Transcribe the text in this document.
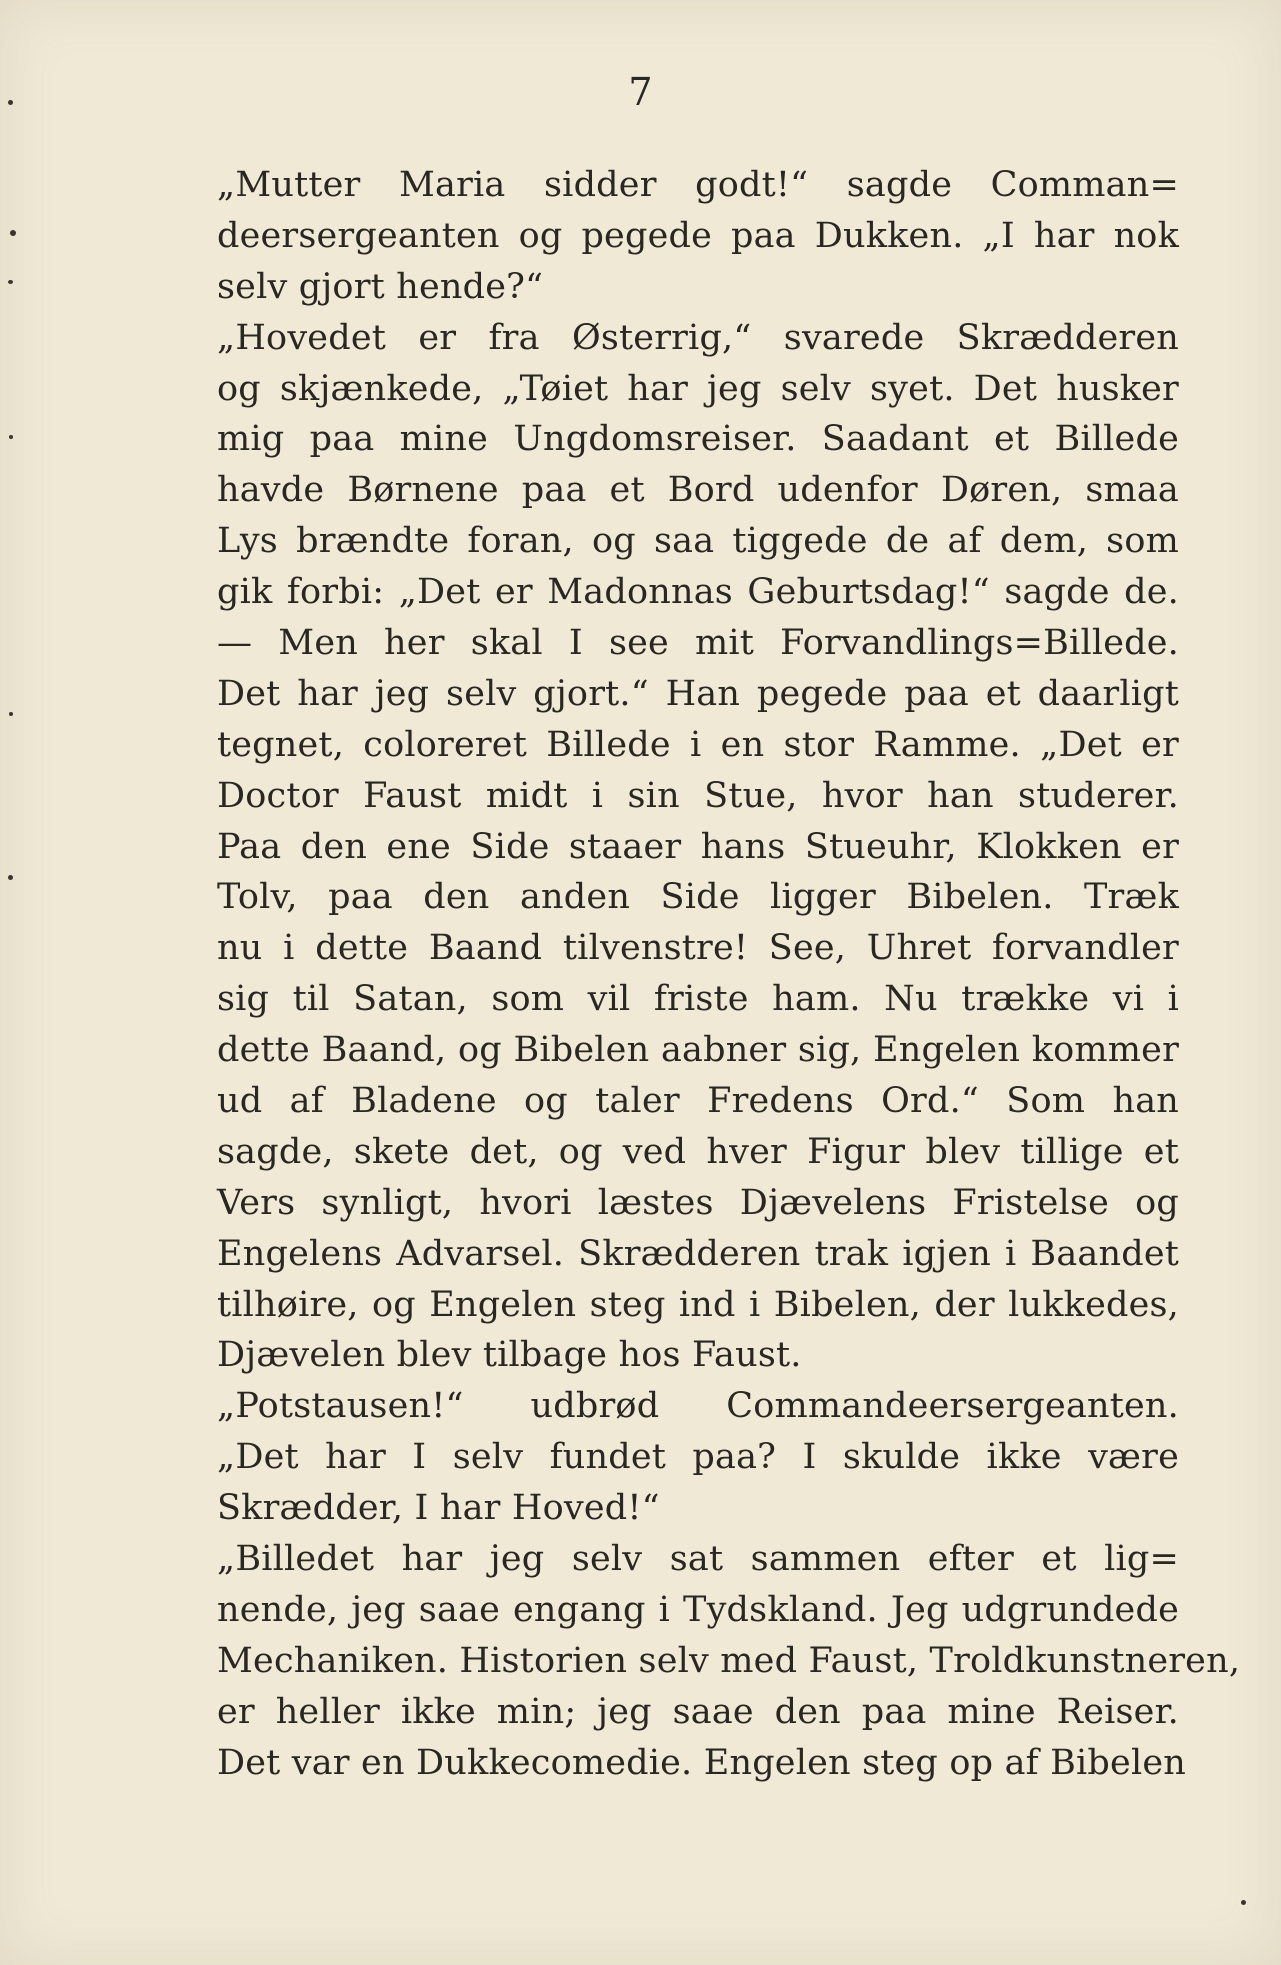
7
„Mutter Maria sidder godt!“ sagde Comman=
deersergeanten og pegede paa Dukken. „I har nok
selv gjort hende?“
„Hovedet er fra Østerrig,“ svarede Skrædderen
og skjænkede, „Tøiet har jeg selv syet. Det husker
mig paa mine Ungdomsreiser. Saadant et Billede
havde Børnene paa et Bord udenfor Døren, smaa
Lys brændte foran, og saa tiggede de af dem, som
gik forbi: „Det er Madonnas Geburtsdag!“ sagde de.
— Men her skal I see mit Forvandlings=Billede.
Det har jeg selv gjort.“ Han pegede paa et daarligt
tegnet, coloreret Billede i en stor Ramme. „Det er
Doctor Faust midt i sin Stue, hvor han studerer.
Paa den ene Side staaer hans Stueuhr, Klokken er
Tolv, paa den anden Side ligger Bibelen. Træk
nu i dette Baand tilvenstre! See, Uhret forvandler
sig til Satan, som vil friste ham. Nu trække vi i
dette Baand, og Bibelen aabner sig, Engelen kommer
ud af Bladene og taler Fredens Ord.“ Som han
sagde, skete det, og ved hver Figur blev tillige et
Vers synligt, hvori læstes Djævelens Fristelse og
Engelens Advarsel. Skrædderen trak igjen i Baandet
tilhøire, og Engelen steg ind i Bibelen, der lukkedes,
Djævelen blev tilbage hos Faust.
„Potstausen!“ udbrød Commandeersergeanten.
„Det har I selv fundet paa? I skulde ikke være
Skrædder, I har Hoved!“
„Billedet har jeg selv sat sammen efter et lig=
nende, jeg saae engang i Tydskland. Jeg udgrundede
Mechaniken. Historien selv med Faust, Troldkunstneren,
er heller ikke min; jeg saae den paa mine Reiser.
Det var en Dukkecomedie. Engelen steg op af Bibelen
